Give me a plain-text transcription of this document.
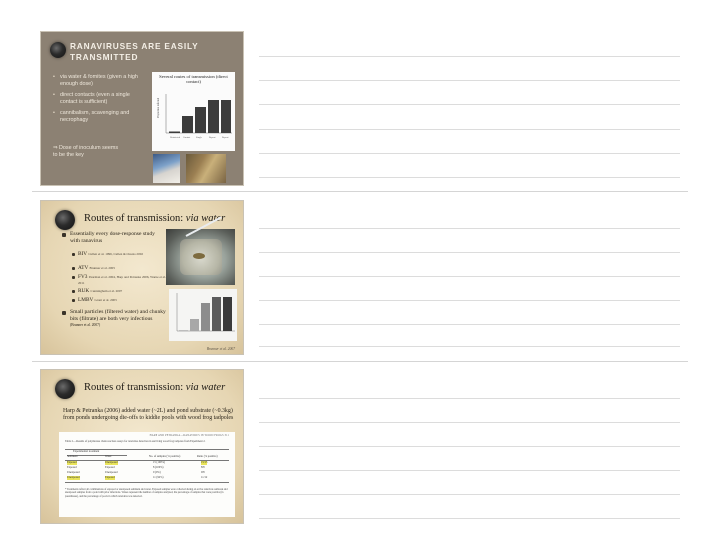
RANAVIRUSES ARE EASILY TRANSMITTED
• via water & fomites (given a high enough dose)
• direct contacts (even a single contact is sufficient)
• cannibalism, scavenging and necrophagy
⇒ Dose of inoculum seems to be the key
Several routes of transmission (direct contact)
Proportion infected
Uninfected	Contact	Single	Repeat	Repeat
Routes of transmission: via water
Essentially every dose-response study with ranavirus
BIV Cullen et al. 1996, Cullen & Owens 2002
ATV Brunner et al. 2005
FV3 Pearman et al. 2004, Harp and Petranka 2006, Warne et al. 2011
RUK Cunningham et al. 2007
LMBV Grant et al. 2003
Small particles (filtered water) and chunky bits (filtrate) are both very infectious (Brunner et al. 2007)
Brunner et al. 2007
Routes of transmission: via water
Harp & Petranka (2006) added water (~2L) and pond substrate (~0.3kg) from ponds undergoing die-offs to kiddie pools with wood frog tadpoles
HARP AND PETRANKA—RANAVIRUS IN WOOD FROGS 311
Table 2.—Results of polymerase chain reaction assays for ranavirus detection in surviving wood frog tadpoles from Experiment 2.
Experimental treatment
Sediment	Water	No. of samples (% positive)	Ratio (% positive)
Exposed	Unexposed	15 (100%)	15/15
Exposed	Exposed	8 (100%)	8/8
Unexposed	Unexposed	0 (0%)	0/8
Unexposed	Exposed	11 (92%)	11/12
* Treatments reflect all combinations of exposed or unexposed sediment and water. Exposed samples were collected during an active ranavirus outbreak and unexposed samples from a pond with prior infections. Values represent the number of samples analyzed, the percentage of samples that were positive (in parentheses), and the percentage of pools in which ranavirus was detected.
